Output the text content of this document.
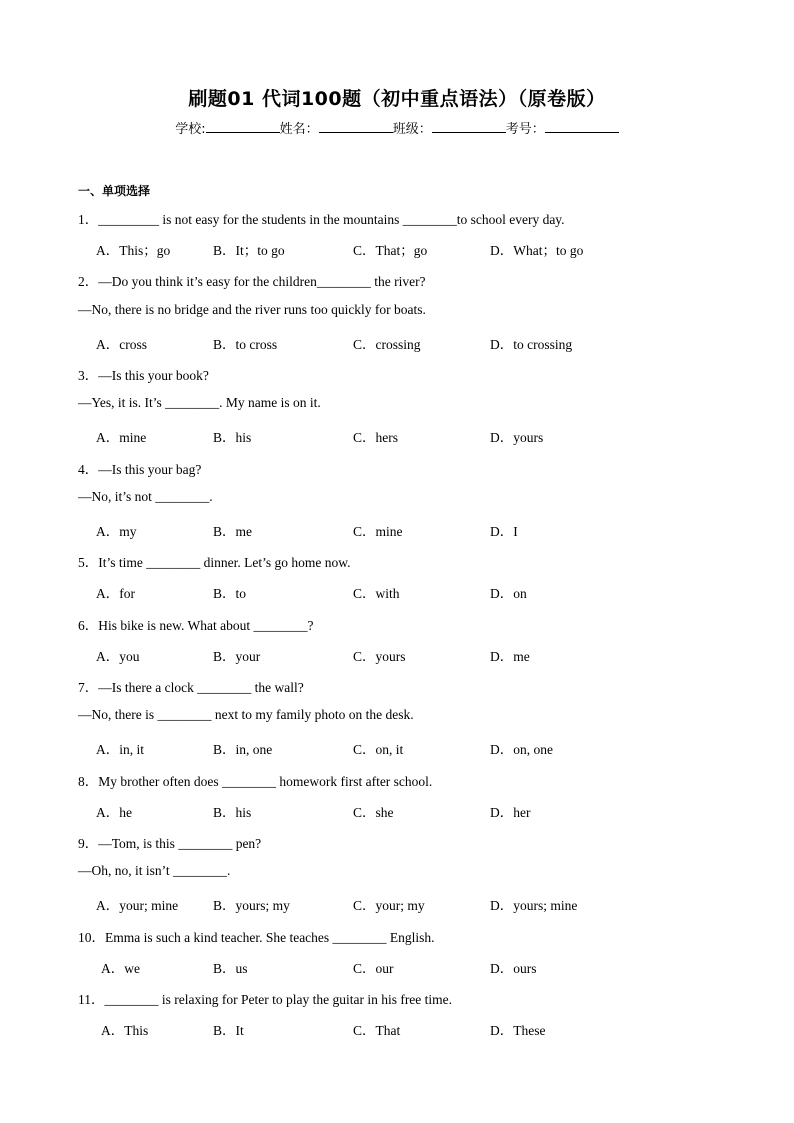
刷题01 代词100题（初中重点语法）（原卷版）
学校:	姓名：	班级：	考号：
一、单项选择
1．_________ is not easy for the students in the mountains ________to school every day.
A．This；go	B．It；to go	C．That；go	D．What；to go
2．—Do you think it’s easy for the children________ the river?
—No, there is no bridge and the river runs too quickly for boats.
A．cross	B．to cross	C．crossing	D．to crossing
3．—Is this your book?
—Yes, it is. It’s ________. My name is on it.
A．mine	B．his	C．hers	D．yours
4．—Is this your bag?
—No, it’s not ________.
A．my	B．me	C．mine	D．I
5．It’s time ________ dinner. Let’s go home now.
A．for	B．to	C．with	D．on
6．His bike is new. What about ________?
A．you	B．your	C．yours	D．me
7．—Is there a clock ________ the wall?
—No, there is ________ next to my family photo on the desk.
A．in, it	B．in, one	C．on, it	D．on, one
8．My brother often does ________ homework first after school.
A．he	B．his	C．she	D．her
9．—Tom, is this ________ pen?
—Oh, no, it isn’t ________.
A．your; mine	B．yours; my	C．your; my	D．yours; mine
10．Emma is such a kind teacher. She teaches ________ English.
A．we	B．us	C．our	D．ours
11．________ is relaxing for Peter to play the guitar in his free time.
A．This	B．It	C．That	D．These
